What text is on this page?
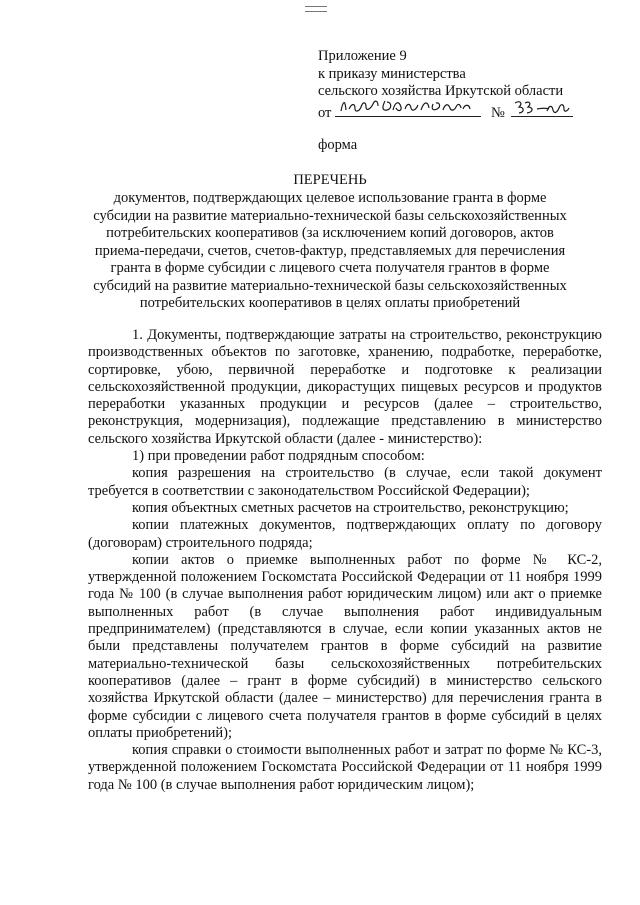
Приложение 9
к приказу министерства
сельского хозяйства Иркутской области
от	№
форма
ПЕРЕЧЕНЬ
документов, подтверждающих целевое использование гранта в форме
субсидии на развитие материально-технической базы сельскохозяйственных
потребительских кооперативов (за исключением копий договоров, актов
приема-передачи, счетов, счетов-фактур, представляемых для перечисления
гранта в форме субсидии с лицевого счета получателя грантов в форме
субсидий на развитие материально-технической базы сельскохозяйственных
потребительских кооперативов в целях оплаты приобретений

1. Документы, подтверждающие затраты на строительство, реконструкцию производственных объектов по заготовке, хранению, подработке, переработке, сортировке, убою, первичной переработке и подготовке к реализации сельскохозяйственной продукции, дикорастущих пищевых ресурсов и продуктов переработки указанных продукции и ресурсов (далее – строительство, реконструкция, модернизация), подлежащие представлению в министерство сельского хозяйства Иркутской области (далее - министерство):

1) при проведении работ подрядным способом:

копия разрешения на строительство (в случае, если такой документ требуется в соответствии с законодательством Российской Федерации);

копия объектных сметных расчетов на строительство, реконструкцию;

копии платежных документов, подтверждающих оплату по договору (договорам) строительного подряда;

копии актов о приемке выполненных работ по форме № КС-2, утвержденной положением Госкомстата Российской Федерации от 11 ноября 1999 года № 100 (в случае выполнения работ юридическим лицом) или акт о приемке выполненных работ (в случае выполнения работ индивидуальным предпринимателем) (представляются в случае, если копии указанных актов не были представлены получателем грантов в форме субсидий на развитие материально-технической базы сельскохозяйственных потребительских кооперативов (далее – грант в форме субсидий) в министерство сельского хозяйства Иркутской области (далее – министерство) для перечисления гранта в форме субсидии с лицевого счета получателя грантов в форме субсидий в целях оплаты приобретений);

копия справки о стоимости выполненных работ и затрат по форме № КС-3, утвержденной положением Госкомстата Российской Федерации от 11 ноября 1999 года № 100 (в случае выполнения работ юридическим лицом);
